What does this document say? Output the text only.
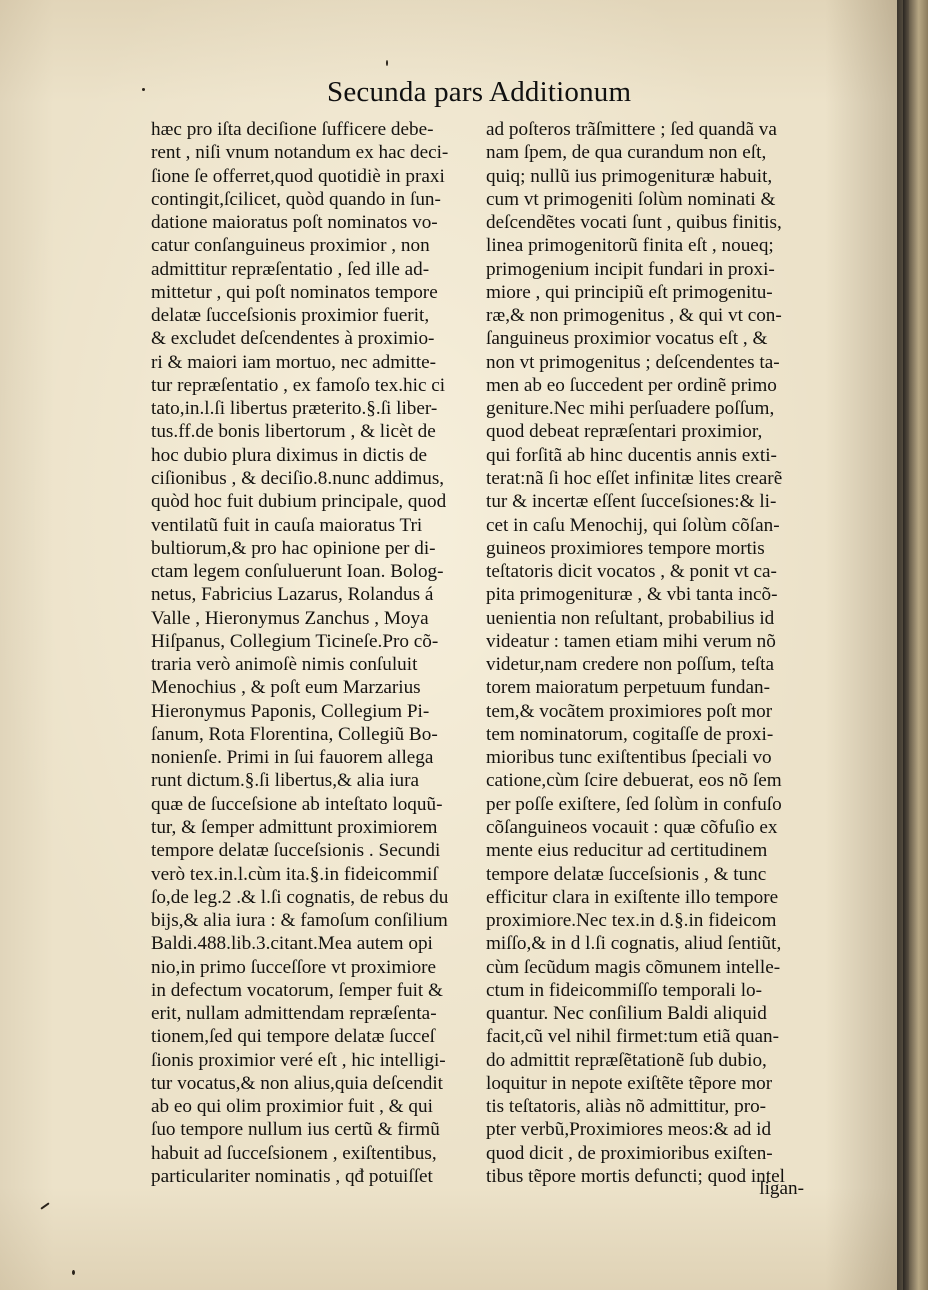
Secunda pars Additionum
hæc pro iſta deciſione ſufficere debe-
rent , niſi vnum notandum ex hac deci-
ſione ſe offerret,quod quotidiè in praxi
contingit,ſcilicet, quòd quando in ſun-
datione maioratus poſt nominatos vo-
catur conſanguineus proximior , non
admittitur repræſentatio , ſed ille ad-
mittetur , qui poſt nominatos tempore
delatæ ſucceſsionis proximior fuerit,
& excludet deſcendentes à proximio-
ri & maiori iam mortuo, nec admitte-
tur repræſentatio , ex famoſo tex.hic ci
tato,in.l.ſi libertus præterito.§.ſi liber-
tus.ff.de bonis libertorum , & licèt de
hoc dubio plura diximus in dictis de
ciſionibus , & deciſio.8.nunc addimus,
quòd hoc fuit dubium principale, quod
ventilatũ fuit in cauſa maioratus Tri
bultiorum,& pro hac opinione per di-
ctam legem conſuluerunt Ioan. Bolog-
netus, Fabricius Lazarus, Rolandus á
Valle , Hieronymus Zanchus , Moya
Hiſpanus, Collegium Ticineſe.Pro cõ-
traria verò animoſè nimis conſuluit
Menochius , & poſt eum Marzarius
Hieronymus Paponis, Collegium Pi-
ſanum, Rota Florentina, Collegiũ Bo-
nonienſe. Primi in ſui fauorem allega
runt dictum.§.ſi libertus,& alia iura
quæ de ſucceſsione ab inteſtato loquũ-
tur, & ſemper admittunt proximiorem
tempore delatæ ſucceſsionis . Secundi
verò tex.in.l.cùm ita.§.in fideicommiſ
ſo,de leg.2 .& l.ſi cognatis, de rebus du
bijs,& alia iura : & famoſum conſilium
Baldi.488.lib.3.citant.Mea autem opi
nio,in primo ſucceſſore vt proximiore
in defectum vocatorum, ſemper fuit &
erit, nullam admittendam repræſenta-
tionem,ſed qui tempore delatæ ſucceſ
ſionis proximior veré eſt , hic intelligi-
tur vocatus,& non alius,quia deſcendit
ab eo qui olim proximior fuit , & qui
ſuo tempore nullum ius certũ & firmũ
habuit ad ſucceſsionem , exiſtentibus,
particulariter nominatis , qđ potuiſſet
ad poſteros trãſmittere ; ſed quandã va
nam ſpem, de qua curandum non eſt,
quiq; nullũ ius primogenituræ habuit,
cum vt primogeniti ſolùm nominati &
deſcendẽtes vocati ſunt , quibus finitis,
linea primogenitorũ finita eſt , noueq;
primogenium incipit fundari in proxi-
miore , qui principiũ eſt primogenitu-
ræ,& non primogenitus , & qui vt con-
ſanguineus proximior vocatus eſt , &
non vt primogenitus ; deſcendentes ta-
men ab eo ſuccedent per ordinẽ primo
geniture.Nec mihi perſuadere poſſum,
quod debeat repræſentari proximior,
qui forſitã ab hinc ducentis annis exti-
terat:nã ſi hoc eſſet infinitæ lites crearẽ
tur & incertæ eſſent ſucceſsiones:& li-
cet in caſu Menochij, qui ſolùm cõſan-
guineos proximiores tempore mortis
teſtatoris dicit vocatos , & ponit vt ca-
pita primogenituræ , & vbi tanta incõ-
uenientia non reſultant, probabilius id
videatur : tamen etiam mihi verum nõ
videtur,nam credere non poſſum, teſta
torem maioratum perpetuum fundan-
tem,& vocãtem proximiores poſt mor
tem nominatorum, cogitaſſe de proxi-
mioribus tunc exiſtentibus ſpeciali vo
catione,cùm ſcire debuerat, eos nõ ſem
per poſſe exiſtere, ſed ſolùm in confuſo
cõſanguineos vocauit : quæ cõfuſio ex
mente eius reducitur ad certitudinem
tempore delatæ ſucceſsionis , & tunc
efficitur clara in exiſtente illo tempore
proximiore.Nec tex.in d.§.in fideicom
miſſo,& in d l.ſi cognatis, aliud ſentiũt,
cùm ſecũdum magis cõmunem intelle-
ctum in fideicommiſſo temporali lo-
quantur. Nec conſilium Baldi aliquid
facit,cũ vel nihil firmet:tum etiã quan-
do admittit repræſẽtationẽ ſub dubio,
loquitur in nepote exiſtẽte tẽpore mor
tis teſtatoris, aliàs nõ admittitur, pro-
pter verbũ,Proximiores meos:& ad id
quod dicit , de proximioribus exiſten-
tibus tẽpore mortis defuncti; quod intel
ligan-
